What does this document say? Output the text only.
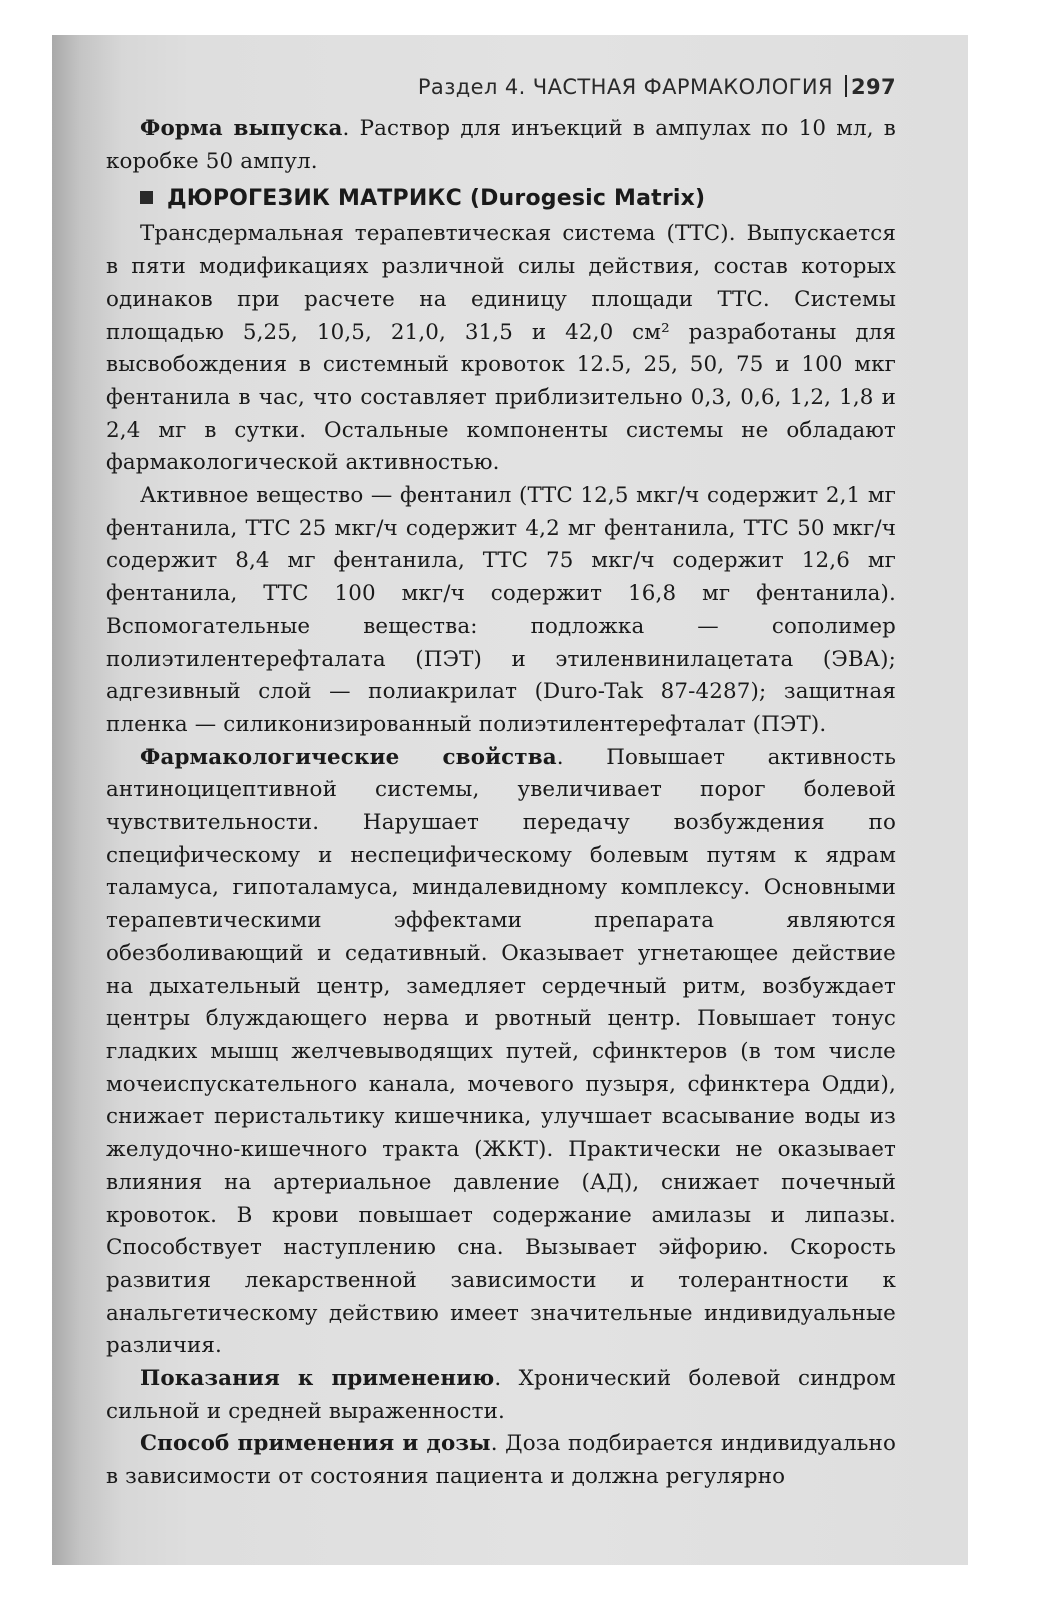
Раздел 4. ЧАСТНАЯ ФАРМАКОЛОГИЯ 297

Форма выпуска. Раствор для инъекций в ампулах по 10 мл, в коробке 50 ампул.

ДЮРОГЕЗИК МАТРИКС (Durogesic Matrix)

Трансдермальная терапевтическая система (ТТС). Выпускается в пяти модификациях различной силы действия, состав которых одинаков при расчете на единицу площади ТТС. Системы площадью 5,25, 10,5, 21,0, 31,5 и 42,0 см² разработаны для высвобождения в системный кровоток 12.5, 25, 50, 75 и 100 мкг фентанила в час, что составляет приблизительно 0,3, 0,6, 1,2, 1,8 и 2,4 мг в сутки. Остальные компоненты системы не обладают фармакологической активностью.

Активное вещество — фентанил (ТТС 12,5 мкг/ч содержит 2,1 мг фентанила, ТТС 25 мкг/ч содержит 4,2 мг фентанила, ТТС 50 мкг/ч содержит 8,4 мг фентанила, ТТС 75 мкг/ч содержит 12,6 мг фентанила, ТТС 100 мкг/ч содержит 16,8 мг фентанила). Вспомогательные вещества: подложка — сополимер полиэтилентерефталата (ПЭТ) и этиленвинилацетата (ЭВА); адгезивный слой — полиакрилат (Duro-Tak 87-4287); защитная пленка — силиконизированный полиэтилентерефталат (ПЭТ).

Фармакологические свойства. Повышает активность антиноцицептивной системы, увеличивает порог болевой чувствительности. Нарушает передачу возбуждения по специфическому и неспецифическому болевым путям к ядрам таламуса, гипоталамуса, миндалевидному комплексу. Основными терапевтическими эффектами препарата являются обезболивающий и седативный. Оказывает угнетающее действие на дыхательный центр, замедляет сердечный ритм, возбуждает центры блуждающего нерва и рвотный центр. Повышает тонус гладких мышц желчевыводящих путей, сфинктеров (в том числе мочеиспускательного канала, мочевого пузыря, сфинктера Одди), снижает перистальтику кишечника, улучшает всасывание воды из желудочно-кишечного тракта (ЖКТ). Практически не оказывает влияния на артериальное давление (АД), снижает почечный кровоток. В крови повышает содержание амилазы и липазы. Способствует наступлению сна. Вызывает эйфорию. Скорость развития лекарственной зависимости и толерантности к анальгетическому действию имеет значительные индивидуальные различия.

Показания к применению. Хронический болевой синдром сильной и средней выраженности.

Способ применения и дозы. Доза подбирается индивидуально в зависимости от состояния пациента и должна регулярно
